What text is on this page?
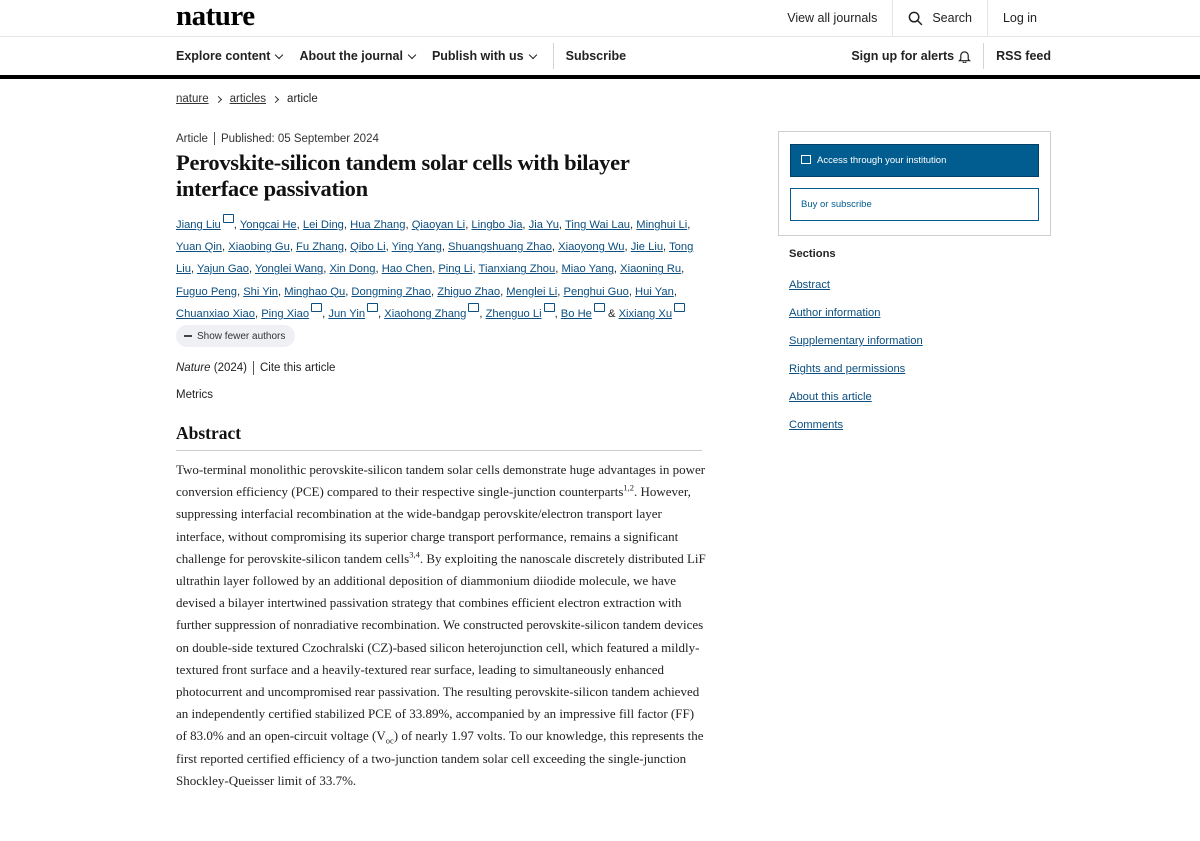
nature	View all journals	Search Log in
Explore content About the journal Publish with us	Subscribe	Sign up for alerts	RSS feed
nature articles article
Article Published: 05 September 2024
Perovskite-silicon tandem solar cells with bilayer interface passivation
Jiang Liu , Yongcai He, Lei Ding, Hua Zhang, Qiaoyan Li, Lingbo Jia, Jia Yu, Ting Wai Lau, Minghui Li, Yuan Qin, Xiaobing Gu, Fu Zhang, Qibo Li, Ying Yang, Shuangshuang Zhao, Xiaoyong Wu, Jie Liu, Tong Liu, Yajun Gao, Yonglei Wang, Xin Dong, Hao Chen, Ping Li, Tianxiang Zhou, Miao Yang, Xiaoning Ru, Fuguo Peng, Shi Yin, Minghao Qu, Dongming Zhao, Zhiguo Zhao, Menglei Li, Penghui Guo, Hui Yan, Chuanxiao Xiao, Ping Xiao , Jun Yin , Xiaohong Zhang , Zhenguo Li , Bo He & Xixiang Xu
Show fewer authors
Nature
(2024) Cite this article
Metrics
Abstract

Two-terminal monolithic perovskite-silicon tandem solar cells demonstrate huge advantages in power conversion efficiency (PCE) compared to their respective single-junction counterparts$^{1,2}$. However, suppressing interfacial recombination at the wide-bandgap perovskite/electron transport layer interface, without compromising its superior charge transport performance, remains a significant challenge for perovskite-silicon tandem cells$^{3,4}$. By exploiting the nanoscale discretely distributed LiF ultrathin layer followed by an additional deposition of diammonium diiodide molecule, we have devised a bilayer intertwined passivation strategy that combines efficient electron extraction with further suppression of nonradiative recombination. We constructed perovskite-silicon tandem devices on double-side textured Czochralski (CZ)-based silicon heterojunction cell, which featured a mildly-textured front surface and a heavily-textured rear surface, leading to simultaneously enhanced photocurrent and uncompromised rear passivation. The resulting perovskite-silicon tandem achieved an independently certified stabilized PCE of 33.89%, accompanied by an impressive fill factor (FF) of 83.0% and an open-circuit voltage $(V_{oc})$ of nearly 1.97 volts. To our knowledge, this represents the first reported certified efficiency of a two-junction tandem solar cell exceeding the single-junction Shockley-Queisser limit of 33.7%.

Access through your institution
Buy or subscribe
Sections
Abstract
Author information
Supplementary information
Rights and permissions
About this article
Comments
